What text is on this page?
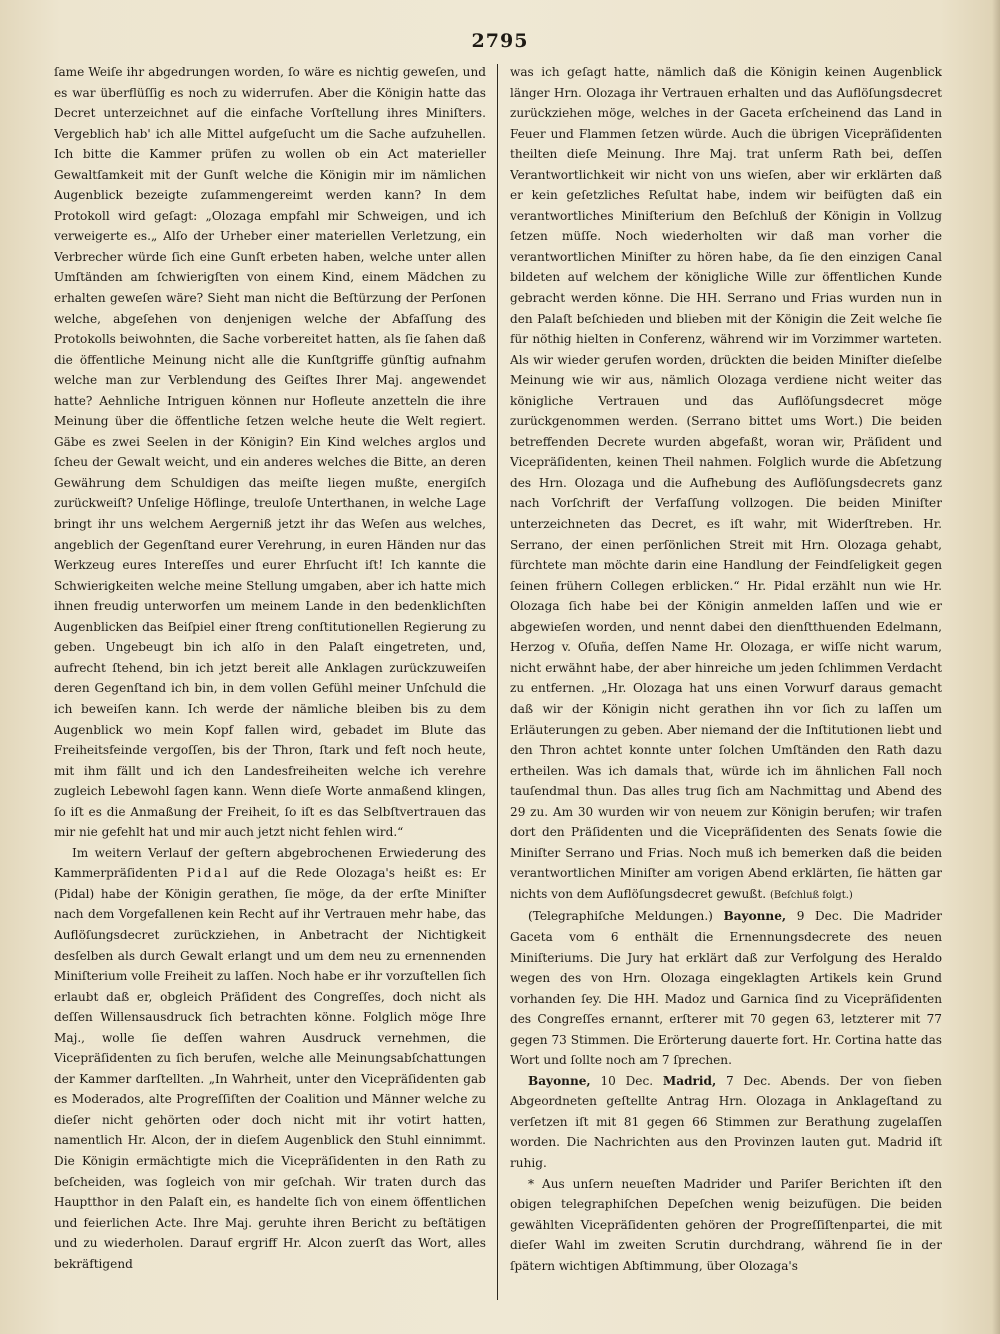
2795

ſame Weiſe ihr abgedrungen worden, ſo wäre es nichtig geweſen, und es war überflüſſig es noch zu widerrufen. Aber die Königin hatte das Decret unterzeichnet auf die einfache Vorſtellung ihres Miniſters. Vergeblich hab' ich alle Mittel aufgeſucht um die Sache aufzuhellen. Ich bitte die Kammer prüfen zu wollen ob ein Act materieller Gewaltſamkeit mit der Gunſt welche die Königin mir im nämlichen Augenblick bezeigte zuſammengereimt werden kann? In dem Protokoll wird geſagt: „Olozaga empfahl mir Schweigen, und ich verweigerte es.„ Alſo der Urheber einer materiellen Verletzung, ein Verbrecher würde ſich eine Gunſt erbeten haben, welche unter allen Umſtänden am ſchwierigſten von einem Kind, einem Mädchen zu erhalten geweſen wäre? Sieht man nicht die Beſtürzung der Perſonen welche, abgeſehen von denjenigen welche der Abfaſſung des Protokolls beiwohnten, die Sache vorbereitet hatten, als ſie ſahen daß die öffentliche Meinung nicht alle die Kunſtgriffe günſtig aufnahm welche man zur Verblendung des Geiſtes Ihrer Maj. angewendet hatte? Aehnliche Intriguen können nur Hofleute anzetteln die ihre Meinung über die öffentliche ſetzen welche heute die Welt regiert. Gäbe es zwei Seelen in der Königin? Ein Kind welches arglos und ſcheu der Gewalt weicht, und ein anderes welches die Bitte, an deren Gewährung dem Schuldigen das meiſte liegen mußte, energiſch zurückweiſt? Unſelige Höflinge, treuloſe Unterthanen, in welche Lage bringt ihr uns welchem Aergerniß jetzt ihr das Weſen aus welches, angeblich der Gegenſtand eurer Verehrung, in euren Händen nur das Werkzeug eures Intereſſes und eurer Ehrſucht iſt! Ich kannte die Schwierigkeiten welche meine Stellung umgaben, aber ich hatte mich ihnen freudig unterworfen um meinem Lande in den bedenklichſten Augenblicken das Beiſpiel einer ſtreng conſtitutionellen Regierung zu geben. Ungebeugt bin ich alſo in den Palaſt eingetreten, und, aufrecht ſtehend, bin ich jetzt bereit alle Anklagen zurückzuweiſen deren Gegenſtand ich bin, in dem vollen Gefühl meiner Unſchuld die ich beweiſen kann. Ich werde der nämliche bleiben bis zu dem Augenblick wo mein Kopf fallen wird, gebadet im Blute das Freiheitsfeinde vergoſſen, bis der Thron, ſtark und feſt noch heute, mit ihm fällt und ich den Landesfreiheiten welche ich verehre zugleich Lebewohl ſagen kann. Wenn dieſe Worte anmaßend klingen, ſo iſt es die Anmaßung der Freiheit, ſo iſt es das Selbſtvertrauen das mir nie gefehlt hat und mir auch jetzt nicht fehlen wird.“

Im weitern Verlauf der geſtern abgebrochenen Erwiederung des Kammerpräſidenten Pidal auf die Rede Olozaga's heißt es: Er (Pidal) habe der Königin gerathen, ſie möge, da der erſte Miniſter nach dem Vorgefallenen kein Recht auf ihr Vertrauen mehr habe, das Auflöſungsdecret zurückziehen, in Anbetracht der Nichtigkeit desſelben als durch Gewalt erlangt und um dem neu zu ernennenden Miniſterium volle Freiheit zu laſſen. Noch habe er ihr vorzuſtellen ſich erlaubt daß er, obgleich Präſident des Congreſſes, doch nicht als deſſen Willensausdruck ſich betrachten könne. Folglich möge Ihre Maj., wolle ſie deſſen wahren Ausdruck vernehmen, die Vicepräſidenten zu ſich berufen, welche alle Meinungsabſchattungen der Kammer darſtellten. „In Wahrheit, unter den Vicepräſidenten gab es Moderados, alte Progreſſiſten der Coalition und Männer welche zu dieſer nicht gehörten oder doch nicht mit ihr votirt hatten, namentlich Hr. Alcon, der in dieſem Augenblick den Stuhl einnimmt. Die Königin ermächtigte mich die Vicepräſidenten in den Rath zu beſcheiden, was ſogleich von mir geſchah. Wir traten durch das Hauptthor in den Palaſt ein, es handelte ſich von einem öffentlichen und feierlichen Acte. Ihre Maj. geruhte ihren Bericht zu beſtätigen und zu wiederholen. Darauf ergriff Hr. Alcon zuerſt das Wort, alles bekräftigend

was ich geſagt hatte, nämlich daß die Königin keinen Augenblick länger Hrn. Olozaga ihr Vertrauen erhalten und das Auflöſungsdecret zurückziehen möge, welches in der Gaceta erſcheinend das Land in Feuer und Flammen ſetzen würde. Auch die übrigen Vicepräſidenten theilten dieſe Meinung. Ihre Maj. trat unſerm Rath bei, deſſen Verantwortlichkeit wir nicht von uns wieſen, aber wir erklärten daß er kein geſetzliches Reſultat habe, indem wir beifügten daß ein verantwortliches Miniſterium den Beſchluß der Königin in Vollzug ſetzen müſſe. Noch wiederholten wir daß man vorher die verantwortlichen Miniſter zu hören habe, da ſie den einzigen Canal bildeten auf welchem der königliche Wille zur öffentlichen Kunde gebracht werden könne. Die HH. Serrano und Frias wurden nun in den Palaſt beſchieden und blieben mit der Königin die Zeit welche ſie für nöthig hielten in Conferenz, während wir im Vorzimmer warteten. Als wir wieder gerufen worden, drückten die beiden Miniſter dieſelbe Meinung wie wir aus, nämlich Olozaga verdiene nicht weiter das königliche Vertrauen und das Auflöſungsdecret möge zurückgenommen werden. (Serrano bittet ums Wort.) Die beiden betreffenden Decrete wurden abgefaßt, woran wir, Präſident und Vicepräſidenten, keinen Theil nahmen. Folglich wurde die Abſetzung des Hrn. Olozaga und die Aufhebung des Auflöſungsdecrets ganz nach Vorſchrift der Verfaſſung vollzogen. Die beiden Miniſter unterzeichneten das Decret, es iſt wahr, mit Widerſtreben. Hr. Serrano, der einen perſönlichen Streit mit Hrn. Olozaga gehabt, fürchtete man möchte darin eine Handlung der Feindſeligkeit gegen ſeinen frühern Collegen erblicken.“ Hr. Pidal erzählt nun wie Hr. Olozaga ſich habe bei der Königin anmelden laſſen und wie er abgewieſen worden, und nennt dabei den dienſtthuenden Edelmann, Herzog v. Oſuña, deſſen Name Hr. Olozaga, er wiſſe nicht warum, nicht erwähnt habe, der aber hinreiche um jeden ſchlimmen Verdacht zu entfernen. „Hr. Olozaga hat uns einen Vorwurf daraus gemacht daß wir der Königin nicht gerathen ihn vor ſich zu laſſen um Erläuterungen zu geben. Aber niemand der die Inſtitutionen liebt und den Thron achtet konnte unter ſolchen Umſtänden den Rath dazu ertheilen. Was ich damals that, würde ich im ähnlichen Fall noch tauſendmal thun. Das alles trug ſich am Nachmittag und Abend des 29 zu. Am 30 wurden wir von neuem zur Königin berufen; wir trafen dort den Präſidenten und die Vicepräſidenten des Senats ſowie die Miniſter Serrano und Frias. Noch muß ich bemerken daß die beiden verantwortlichen Miniſter am vorigen Abend erklärten, ſie hätten gar nichts von dem Auflöſungsdecret gewußt. (Beſchluß folgt.)

(Telegraphiſche Meldungen.) Bayonne, 9 Dec. Die Madrider Gaceta vom 6 enthält die Ernennungsdecrete des neuen Miniſteriums. Die Jury hat erklärt daß zur Verfolgung des Heraldo wegen des von Hrn. Olozaga eingeklagten Artikels kein Grund vorhanden ſey. Die HH. Madoz und Garnica ſind zu Vicepräſidenten des Congreſſes ernannt, erſterer mit 70 gegen 63, letzterer mit 77 gegen 73 Stimmen. Die Erörterung dauerte fort. Hr. Cortina hatte das Wort und ſollte noch am 7 ſprechen.

Bayonne, 10 Dec. Madrid, 7 Dec. Abends. Der von ſieben Abgeordneten geſtellte Antrag Hrn. Olozaga in Anklageſtand zu verſetzen iſt mit 81 gegen 66 Stimmen zur Berathung zugelaſſen worden. Die Nachrichten aus den Provinzen lauten gut. Madrid iſt ruhig.

* Aus unſern neueſten Madrider und Pariſer Berichten iſt den obigen telegraphiſchen Depeſchen wenig beizufügen. Die beiden gewählten Vicepräſidenten gehören der Progreſſiſtenpartei, die mit dieſer Wahl im zweiten Scrutin durchdrang, während ſie in der ſpätern wichtigen Abſtimmung, über Olozaga's
